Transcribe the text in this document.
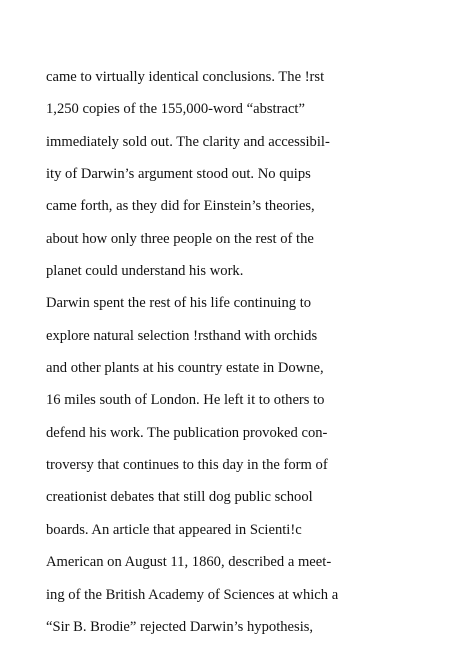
came to virtually identical conclusions. The !rst
1,250 copies of the 155,000-word “abstract”
immediately sold out. The clarity and accessibil-
ity of Darwin’s argument stood out. No quips
came forth, as they did for Einstein’s theories,
about how only three people on the rest of the
planet could understand his work.
Darwin spent the rest of his life continuing to
explore natural selection !rsthand with orchids
and other plants at his country estate in Downe,
16 miles south of London. He left it to others to
defend his work. The publication provoked con-
troversy that continues to this day in the form of
creationist debates that still dog public school
boards. An article that appeared in Scienti!c
American on August 11, 1860, described a meet-
ing of the British Academy of Sciences at which a
“Sir B. Brodie” rejected Darwin’s hypothesis,
